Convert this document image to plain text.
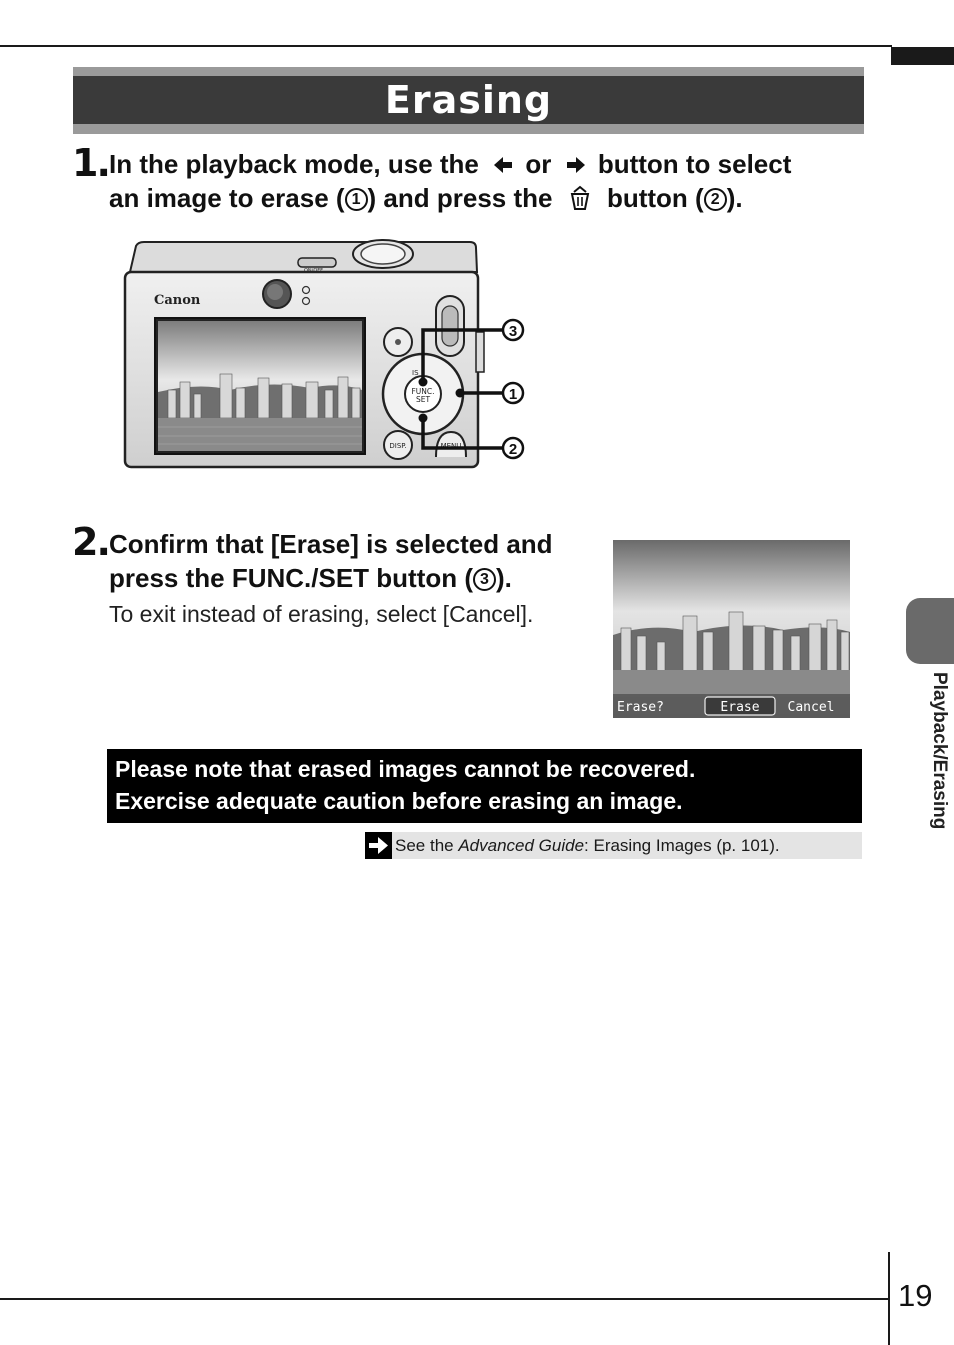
Erasing
1. In the playback mode, use the or button to select
an image to erase ( 1 ) and press the button ( 2 ).
ON/OFF
Canon
FUNC.
SET
IS
DISP.	MENU
3
1
2
2. Confirm that [Erase] is selected and
press the FUNC./SET button ( 3 ).
To exit instead of erasing, select [Cancel].
Erase?	Erase Cancel
Please note that erased images cannot be recovered.
Exercise adequate caution before erasing an image.
See the Advanced Guide: Erasing Images (p. 101).
Playback/Erasing
19
